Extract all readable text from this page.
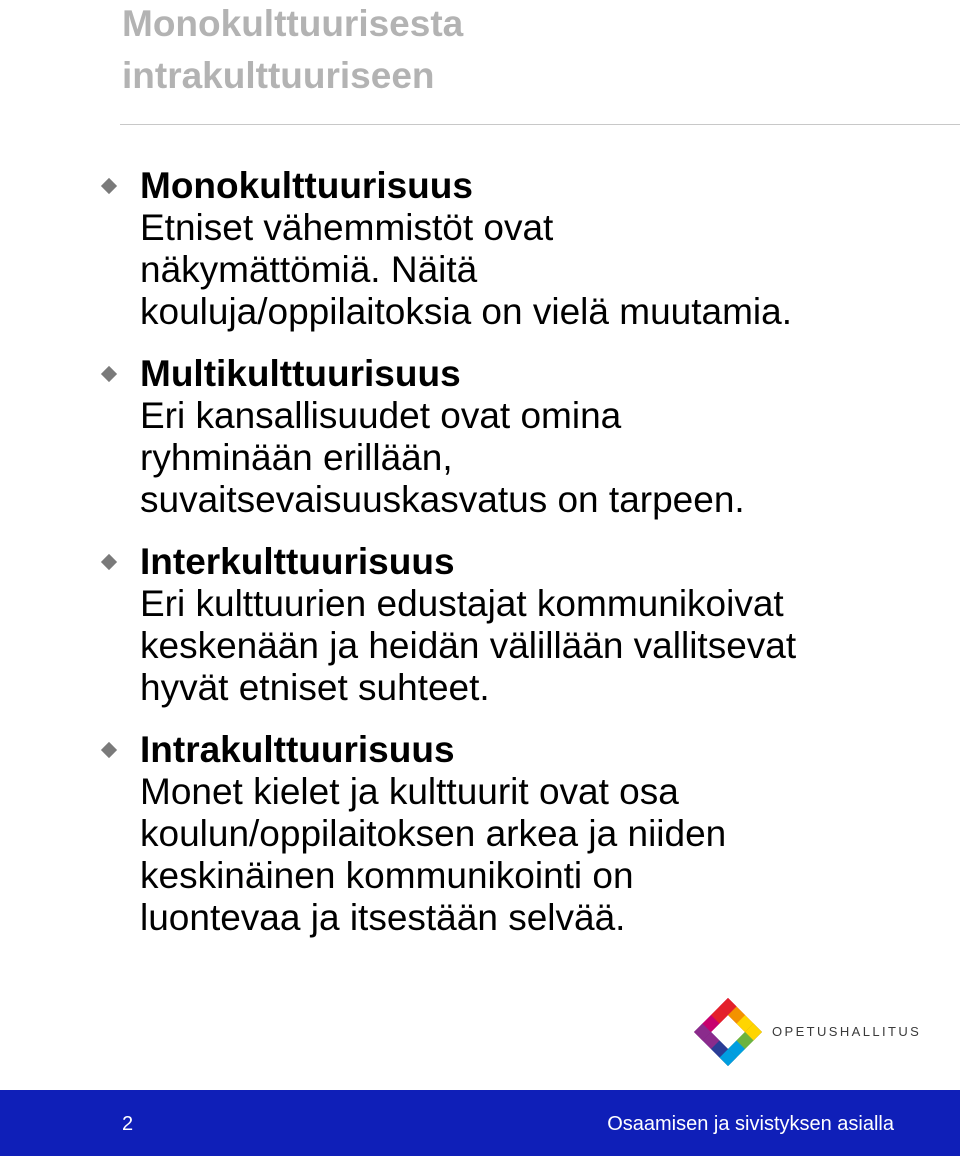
Monokulttuurisesta
intrakulttuuriseen
Monokulttuurisuus
Etniset vähemmistöt ovat
näkymättömiä. Näitä
kouluja/oppilaitoksia on vielä muutamia.
Multikulttuurisuus
Eri kansallisuudet ovat omina
ryhminään erillään,
suvaitsevaisuuskasvatus on tarpeen.
Interkulttuurisuus
Eri kulttuurien edustajat kommunikoivat
keskenään ja heidän välillään vallitsevat
hyvät etniset suhteet.
Intrakulttuurisuus
Monet kielet ja kulttuurit ovat osa
koulun/oppilaitoksen arkea ja niiden
keskinäinen kommunikointi on
luontevaa ja itsestään selvää.
OPETUSHALLITUS
2	Osaamisen ja sivistyksen asialla
